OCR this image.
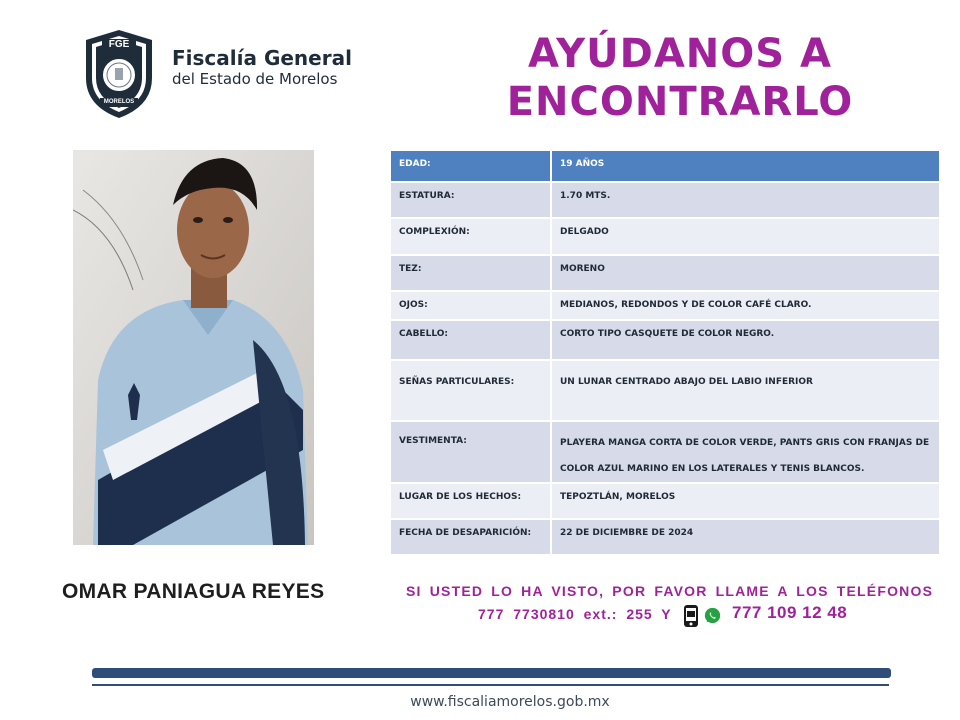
FGE
MORELOS
Fiscalía General
del Estado de Morelos
AYÚDANOS A
ENCONTRARLO
EDAD:	19 AÑOS
ESTATURA:	1.70 MTS.
COMPLEXIÓN:	DELGADO
TEZ:	MORENO
OJOS:	MEDIANOS, REDONDOS Y DE COLOR CAFÉ CLARO.
CABELLO:	CORTO TIPO CASQUETE DE COLOR NEGRO.
SEÑAS PARTICULARES:	UN LUNAR CENTRADO ABAJO DEL LABIO INFERIOR
VESTIMENTA:	PLAYERA MANGA CORTA DE COLOR VERDE, PANTS GRIS CON FRANJAS DE COLOR AZUL MARINO EN LOS LATERALES Y TENIS BLANCOS.
LUGAR DE LOS HECHOS:	TEPOZTLÁN, MORELOS
FECHA DE DESAPARICIÓN:	22 DE DICIEMBRE DE 2024
OMAR PANIAGUA REYES	SI USTED LO HA VISTO, POR FAVOR LLAME A LOS TELÉFONOS
777 7730810 ext.: 255 Y	777 109 12 48
www.fiscaliamorelos.gob.mx
